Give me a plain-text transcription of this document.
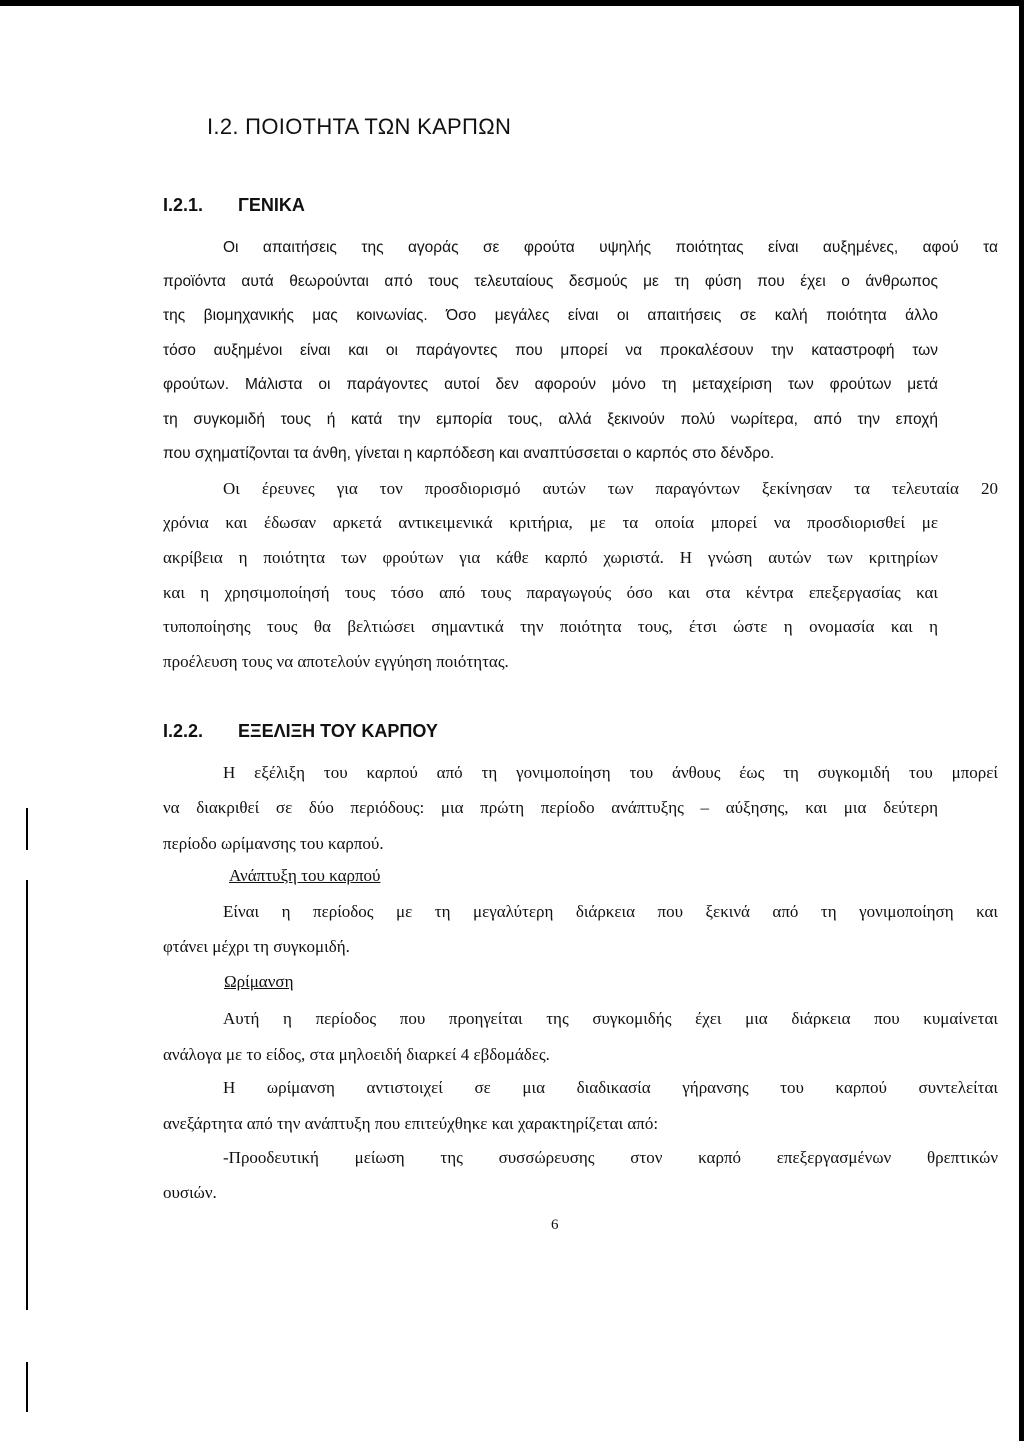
I.2. ΠΟΙΟΤΗΤΑ ΤΩΝ ΚΑΡΠΩΝ
I.2.1. ΓΕΝΙΚΑ
Οι απαιτήσεις της αγοράς σε φρούτα υψηλής ποιότητας είναι αυξημένες, αφού τα
προϊόντα αυτά θεωρούνται από τους τελευταίους δεσμούς με τη φύση που έχει ο άνθρωπος
της βιομηχανικής μας κοινωνίας. Όσο μεγάλες είναι οι απαιτήσεις σε καλή ποιότητα άλλο
τόσο αυξημένοι είναι και οι παράγοντες που μπορεί να προκαλέσουν την καταστροφή των
φρούτων. Μάλιστα οι παράγοντες αυτοί δεν αφορούν μόνο τη μεταχείριση των φρούτων μετά
τη συγκομιδή τους ή κατά την εμπορία τους, αλλά ξεκινούν πολύ νωρίτερα, από την εποχή
που σχηματίζονται τα άνθη, γίνεται η καρπόδεση και αναπτύσσεται ο καρπός στο δένδρο.
Οι έρευνες για τον προσδιορισμό αυτών των παραγόντων ξεκίνησαν τα τελευταία 20
χρόνια και έδωσαν αρκετά αντικειμενικά κριτήρια, με τα οποία μπορεί να προσδιορισθεί με
ακρίβεια η ποιότητα των φρούτων για κάθε καρπό χωριστά. Η γνώση αυτών των κριτηρίων
και η χρησιμοποίησή τους τόσο από τους παραγωγούς όσο και στα κέντρα επεξεργασίας και
τυποποίησης τους θα βελτιώσει σημαντικά την ποιότητα τους, έτσι ώστε η ονομασία και η
προέλευση τους να αποτελούν εγγύηση ποιότητας.
I.2.2. ΕΞΕΛΙΞΗ ΤΟΥ ΚΑΡΠΟΥ
Η εξέλιξη του καρπού από τη γονιμοποίηση του άνθους έως τη συγκομιδή του μπορεί
να διακριθεί σε δύο περιόδους: μια πρώτη περίοδο ανάπτυξης – αύξησης, και μια δεύτερη
περίοδο ωρίμανσης του καρπού.
Ανάπτυξη του καρπού
Είναι η περίοδος με τη μεγαλύτερη διάρκεια που ξεκινά από τη γονιμοποίηση και
φτάνει μέχρι τη συγκομιδή.
Ωρίμανση
Αυτή η περίοδος που προηγείται της συγκομιδής έχει μια διάρκεια που κυμαίνεται
ανάλογα με το είδος, στα μηλοειδή διαρκεί 4 εβδομάδες.
Η ωρίμανση αντιστοιχεί σε μια διαδικασία γήρανσης του καρπού συντελείται
ανεξάρτητα από την ανάπτυξη που επιτεύχθηκε και χαρακτηρίζεται από:
-Προοδευτική μείωση της συσσώρευσης στον καρπό επεξεργασμένων θρεπτικών
ουσιών.
6
